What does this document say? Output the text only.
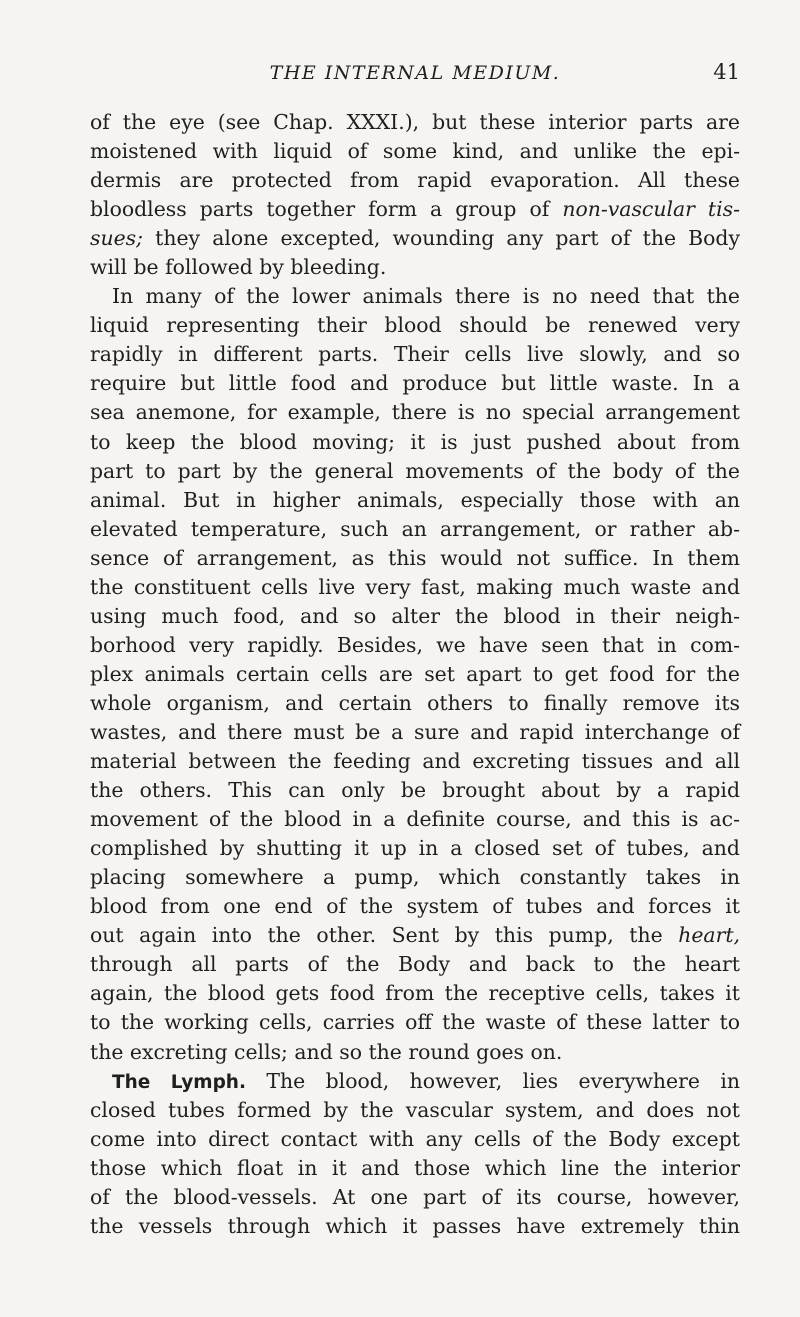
THE INTERNAL MEDIUM.	41

of the eye (see Chap. XXXI.), but these interior parts are
moistened with liquid of some kind, and unlike the epi-
dermis are protected from rapid evaporation. All these
bloodless parts together form a group of non-vascular tis-
sues; they alone excepted, wounding any part of the Body
will be followed by bleeding.

In many of the lower animals there is no need that the
liquid representing their blood should be renewed very
rapidly in different parts. Their cells live slowly, and so
require but little food and produce but little waste. In a
sea anemone, for example, there is no special arrangement
to keep the blood moving; it is just pushed about from
part to part by the general movements of the body of the
animal. But in higher animals, especially those with an
elevated temperature, such an arrangement, or rather ab-
sence of arrangement, as this would not suffice. In them
the constituent cells live very fast, making much waste and
using much food, and so alter the blood in their neigh-
borhood very rapidly. Besides, we have seen that in com-
plex animals certain cells are set apart to get food for the
whole organism, and certain others to finally remove its
wastes, and there must be a sure and rapid interchange of
material between the feeding and excreting tissues and all
the others. This can only be brought about by a rapid
movement of the blood in a definite course, and this is ac-
complished by shutting it up in a closed set of tubes, and
placing somewhere a pump, which constantly takes in
blood from one end of the system of tubes and forces it
out again into the other. Sent by this pump, the heart,
through all parts of the Body and back to the heart
again, the blood gets food from the receptive cells, takes it
to the working cells, carries off the waste of these latter to
the excreting cells; and so the round goes on.

The Lymph. The blood, however, lies everywhere in
closed tubes formed by the vascular system, and does not
come into direct contact with any cells of the Body except
those which float in it and those which line the interior
of the blood-vessels. At one part of its course, however,
the vessels through which it passes have extremely thin
